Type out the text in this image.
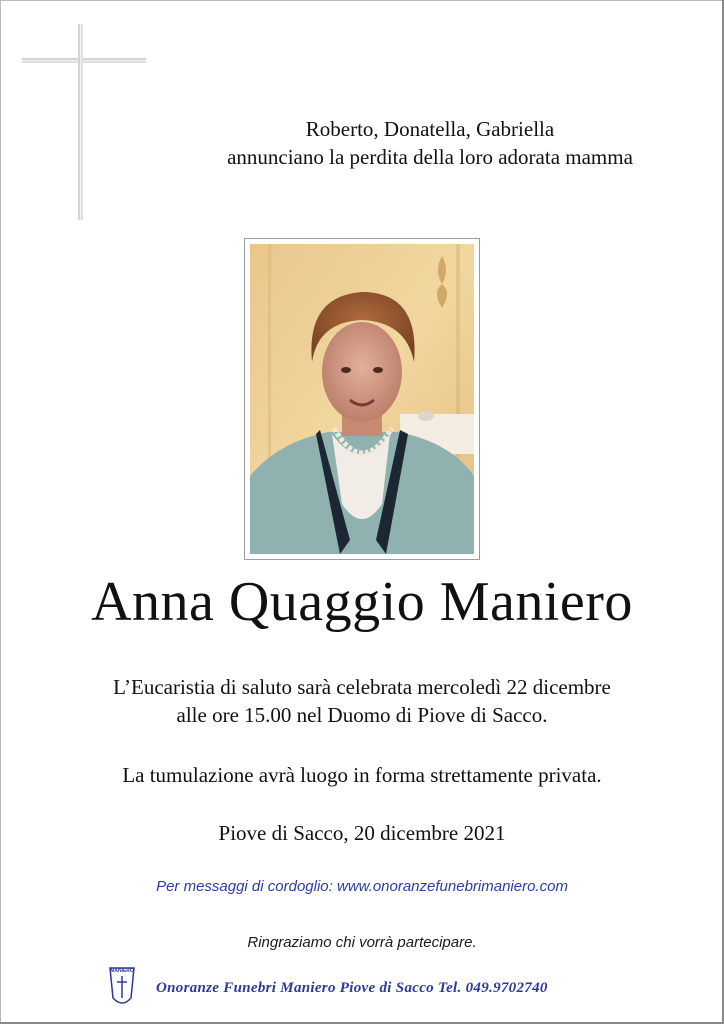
Roberto, Donatella, Gabriella
annunciano la perdita della loro adorata mamma
Anna Quaggio Maniero
L’Eucaristia di saluto sarà celebrata mercoledì 22 dicembre
alle ore 15.00 nel Duomo di Piove di Sacco.
La tumulazione avrà luogo in forma strettamente privata.
Piove di Sacco, 20 dicembre 2021
Per messaggi di cordoglio: www.onoranzefunebrimaniero.com
Ringraziamo chi vorrà partecipare.
MANIERO
Onoranze Funebri Maniero Piove di Sacco Tel. 049.9702740
